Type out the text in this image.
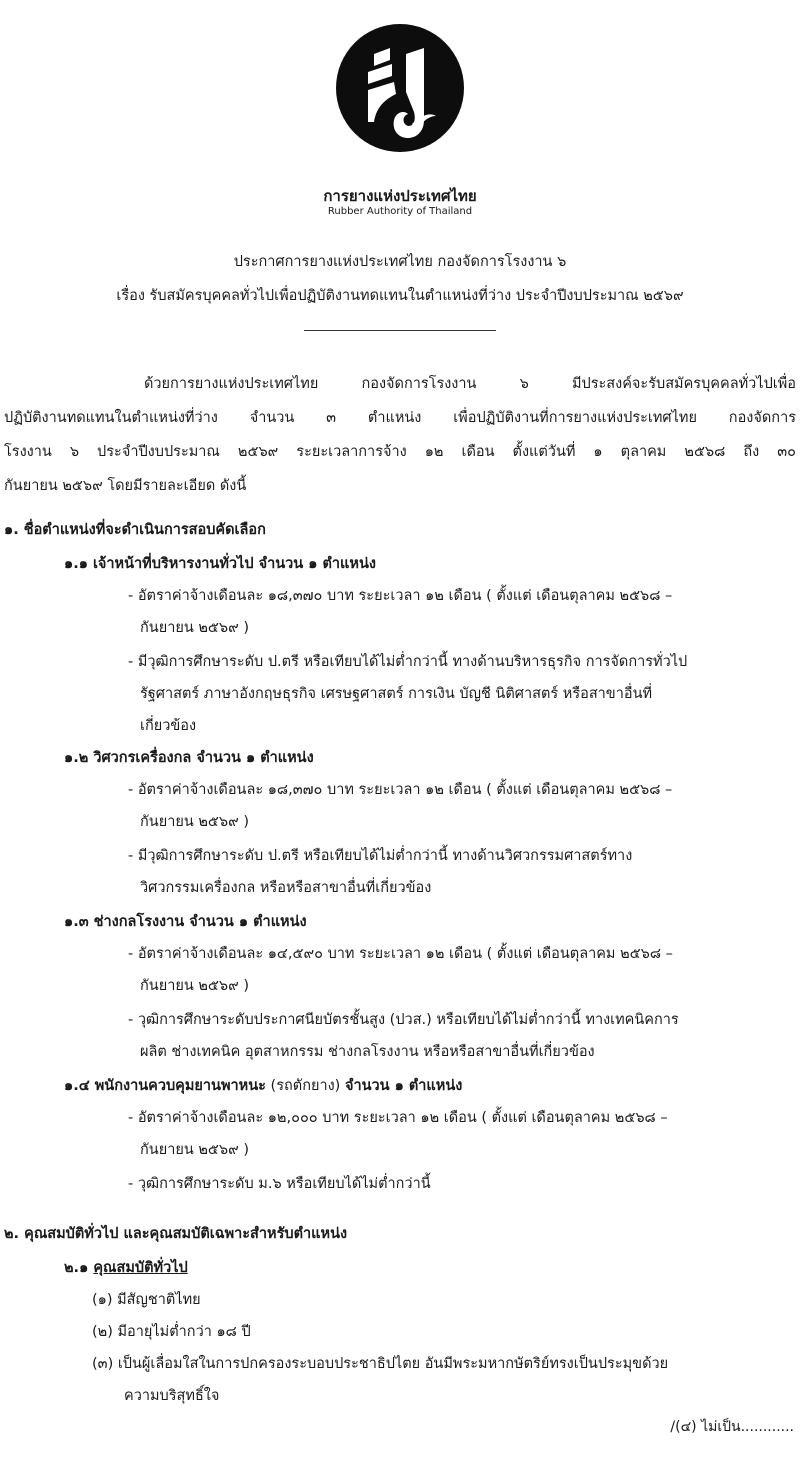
การยางแห่งประเทศไทย
Rubber Authority of Thailand
ประกาศการยางแห่งประเทศไทย กองจัดการโรงงาน ๖
เรื่อง รับสมัครบุคคลทั่วไปเพื่อปฏิบัติงานทดแทนในตำแหน่งที่ว่าง ประจำปีงบประมาณ ๒๕๖๙
ด้วยการยางแห่งประเทศไทย กองจัดการโรงงาน ๖ มีประสงค์จะรับสมัครบุคคลทั่วไปเพื่อ
ปฏิบัติงานทดแทนในตำแหน่งที่ว่าง จำนวน ๓ ตำแหน่ง เพื่อปฏิบัติงานที่การยางแห่งประเทศไทย กองจัดการ
โรงงาน ๖ ประจำปีงบประมาณ ๒๕๖๙ ระยะเวลาการจ้าง ๑๒ เดือน ตั้งแต่วันที่ ๑ ตุลาคม ๒๕๖๘ ถึง ๓๐
กันยายน ๒๕๖๙ โดยมีรายละเอียด ดังนี้
๑. ชื่อตำแหน่งที่จะดำเนินการสอบคัดเลือก
๑.๑ เจ้าหน้าที่บริหารงานทั่วไป จำนวน ๑ ตำแหน่ง
- อัตราค่าจ้างเดือนละ ๑๘,๓๗๐ บาท ระยะเวลา ๑๒ เดือน ( ตั้งแต่ เดือนตุลาคม ๒๕๖๘ –
กันยายน ๒๕๖๙ )
- มีวุฒิการศึกษาระดับ ป.ตรี หรือเทียบได้ไม่ต่ำกว่านี้ ทางด้านบริหารธุรกิจ การจัดการทั่วไป
รัฐศาสตร์ ภาษาอังกฤษธุรกิจ เศรษฐศาสตร์ การเงิน บัญชี นิติศาสตร์ หรือสาขาอื่นที่
เกี่ยวข้อง
๑.๒ วิศวกรเครื่องกล จำนวน ๑ ตำแหน่ง
- อัตราค่าจ้างเดือนละ ๑๘,๓๗๐ บาท ระยะเวลา ๑๒ เดือน ( ตั้งแต่ เดือนตุลาคม ๒๕๖๘ –
กันยายน ๒๕๖๙ )
- มีวุฒิการศึกษาระดับ ป.ตรี หรือเทียบได้ไม่ต่ำกว่านี้ ทางด้านวิศวกรรมศาสตร์ทาง
วิศวกรรมเครื่องกล หรือหรือสาขาอื่นที่เกี่ยวข้อง
๑.๓ ช่างกลโรงงาน จำนวน ๑ ตำแหน่ง
- อัตราค่าจ้างเดือนละ ๑๔,๕๙๐ บาท ระยะเวลา ๑๒ เดือน ( ตั้งแต่ เดือนตุลาคม ๒๕๖๘ –
กันยายน ๒๕๖๙ )
- วุฒิการศึกษาระดับประกาศนียบัตรชั้นสูง (ปวส.) หรือเทียบได้ไม่ต่ำกว่านี้ ทางเทคนิคการ
ผลิต ช่างเทคนิค อุตสาหกรรม ช่างกลโรงงาน หรือหรือสาขาอื่นที่เกี่ยวข้อง
๑.๔ พนักงานควบคุมยานพาหนะ (รถตักยาง) จำนวน ๑ ตำแหน่ง
- อัตราค่าจ้างเดือนละ ๑๒,๐๐๐ บาท ระยะเวลา ๑๒ เดือน ( ตั้งแต่ เดือนตุลาคม ๒๕๖๘ –
กันยายน ๒๕๖๙ )
- วุฒิการศึกษาระดับ ม.๖ หรือเทียบได้ไม่ต่ำกว่านี้
๒. คุณสมบัติทั่วไป และคุณสมบัติเฉพาะสำหรับตำแหน่ง
๒.๑ คุณสมบัติทั่วไป
(๑) มีสัญชาติไทย
(๒) มีอายุไม่ต่ำกว่า ๑๘ ปี
(๓) เป็นผู้เลื่อมใสในการปกครองระบอบประชาธิปไตย อันมีพระมหากษัตริย์ทรงเป็นประมุขด้วย
ความบริสุทธิ์ใจ
/(๔) ไม่เป็น............
